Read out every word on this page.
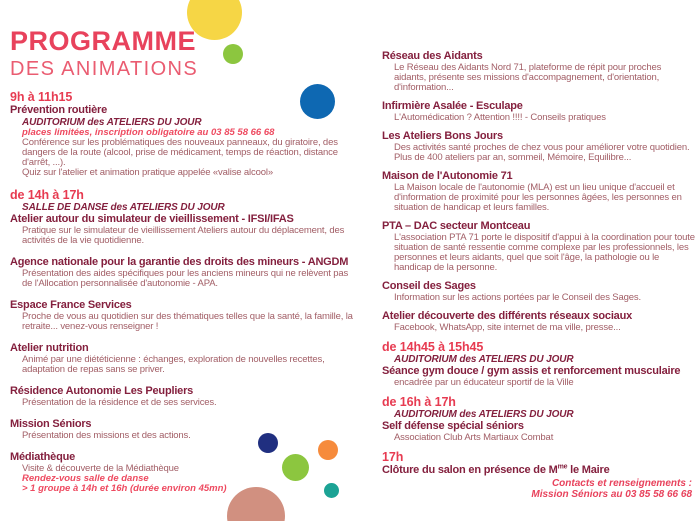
PROGRAMME
DES ANIMATIONS

9h à 11h15

Prévention routière

AUDITORIUM des ATELIERS DU JOUR

places limitées, inscription obligatoire au 03 85 58 66 68

Conférence sur les problématiques des nouveaux panneaux, du giratoire, des dangers de la route (alcool, prise de médicament, temps de réaction, distance d'arrêt, ...).

Quiz sur l'atelier et animation pratique appelée «valise alcool»

de 14h à 17h

SALLE DE DANSE des ATELIERS DU JOUR

Atelier autour du simulateur de vieillissement - IFSI/IFAS

Pratique sur le simulateur de vieillissement Ateliers autour du déplacement, des activités de la vie quotidienne.

Agence nationale pour la garantie des droits des mineurs - ANGDM

Présentation des aides spécifiques pour les anciens mineurs qui ne relèvent pas de l'Allocation personnalisée d'autonomie - APA.

Espace France Services

Proche de vous au quotidien sur des thématiques telles que la santé, la famille, la retraite... venez-vous renseigner !

Atelier nutrition

Animé par une diététicienne : échanges, exploration de nouvelles recettes, adaptation de repas sans se priver.

Résidence Autonomie Les Peupliers

Présentation de la résidence et de ses services.

Mission Séniors

Présentation des missions et des actions.

Médiathèque

Visite & découverte de la Médiathèque

Rendez-vous salle de danse

> 1 groupe à 14h et 16h (durée environ 45mn)

Réseau des Aidants

Le Réseau des Aidants Nord 71, plateforme de répit pour proches aidants, présente ses missions d'accompagnement, d'orientation, d'information...

Infirmière Asalée - Esculape

L'Automédication ? Attention !!!! - Conseils pratiques

Les Ateliers Bons Jours

Des activités santé proches de chez vous pour améliorer votre quotidien. Plus de 400 ateliers par an, sommeil, Mémoire, Equilibre...

Maison de l'Autonomie 71

La Maison locale de l'autonomie (MLA) est un lieu unique d'accueil et d'information de proximité pour les personnes âgées, les personnes en situation de handicap et leurs familles.

PTA – DAC secteur Montceau

L'association PTA 71 porte le dispositif d'appui à la coordination pour toute situation de santé ressentie comme complexe par les professionnels, les personnes et leurs aidants, quel que soit l'âge, la pathologie ou le handicap de la personne.

Conseil des Sages

Information sur les actions portées par le Conseil des Sages.

Atelier découverte des différents réseaux sociaux

Facebook, WhatsApp, site internet de ma ville, presse...

de 14h45 à 15h45

AUDITORIUM des ATELIERS DU JOUR

Séance gym douce / gym assis et renforcement musculaire

encadrée par un éducateur sportif de la Ville

de 16h à 17h

AUDITORIUM des ATELIERS DU JOUR

Self défense spécial séniors

Association Club Arts Martiaux Combat

17h

Clôture du salon en présence de $M^{me}$ le Maire

Contacts et renseignements :
Mission Séniors au 03 85 58 66 68
